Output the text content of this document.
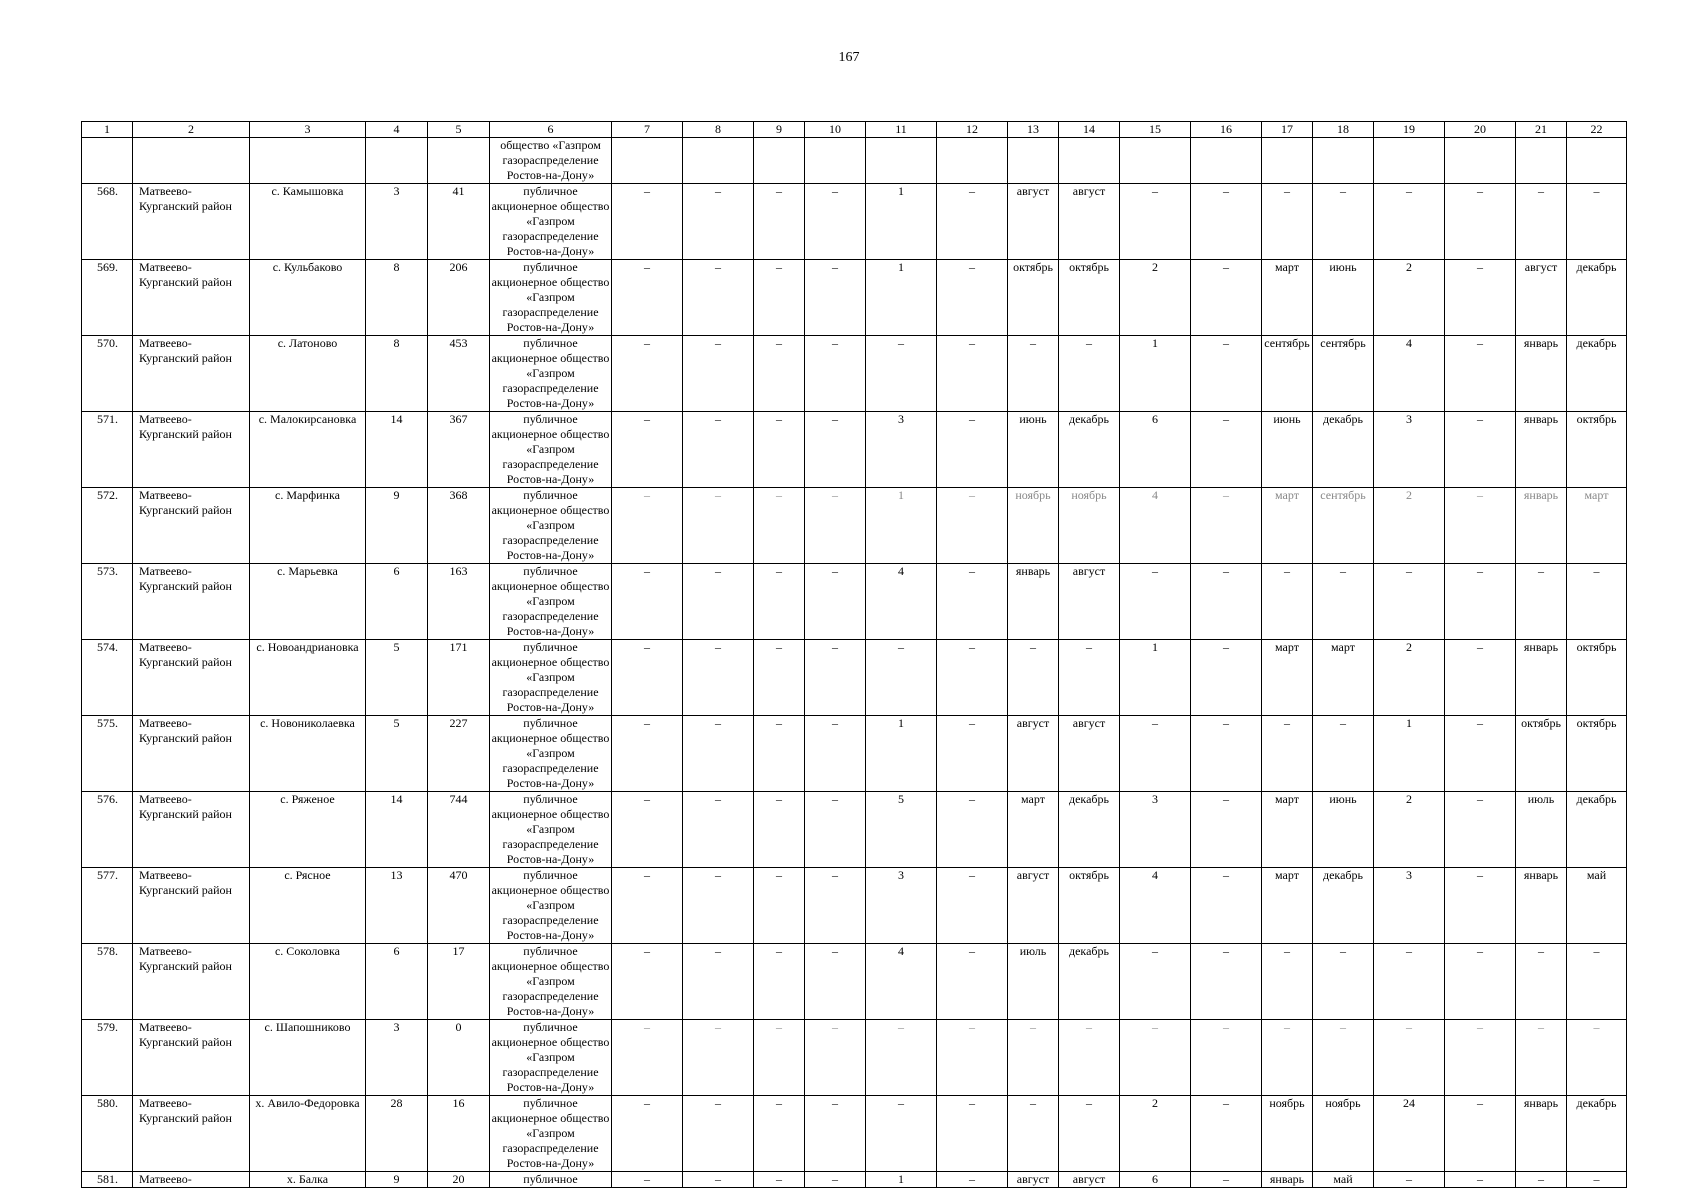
167
1	2	3	4	5	6	7	8	9	10	11	12	13	14	15	16	17	18	19	20	21	22
					общество «Газпром газораспределение Ростов-на-Дону»																
568.	Матвеево-Курганский район	с. Камышовка	3	41	публичное акционерное общество «Газпром газораспределение Ростов-на-Дону»	–	–	–	–	1	–	август	август	–	–	–	–	–	–	–	–
569.	Матвеево-Курганский район	с. Кульбаково	8	206	публичное акционерное общество «Газпром газораспределение Ростов-на-Дону»	–	–	–	–	1	–	октябрь	октябрь	2	–	март	июнь	2	–	август	декабрь
570.	Матвеево-Курганский район	с. Латоново	8	453	публичное акционерное общество «Газпром газораспределение Ростов-на-Дону»	–	–	–	–	–	–	–	–	1	–	сентябрь	сентябрь	4	–	январь	декабрь
571.	Матвеево-Курганский район	с. Малокирсановка	14	367	публичное акционерное общество «Газпром газораспределение Ростов-на-Дону»	–	–	–	–	3	–	июнь	декабрь	6	–	июнь	декабрь	3	–	январь	октябрь
572.	Матвеево-Курганский район	с. Марфинка	9	368	публичное акционерное общество «Газпром газораспределение Ростов-на-Дону»	–	–	–	–	1	–	ноябрь	ноябрь	4	–	март	сентябрь	2	–	январь	март
573.	Матвеево-Курганский район	с. Марьевка	6	163	публичное акционерное общество «Газпром газораспределение Ростов-на-Дону»	–	–	–	–	4	–	январь	август	–	–	–	–	–	–	–	–
574.	Матвеево-Курганский район	с. Новоандриановка	5	171	публичное акционерное общество «Газпром газораспределение Ростов-на-Дону»	–	–	–	–	–	–	–	–	1	–	март	март	2	–	январь	октябрь
575.	Матвеево-Курганский район	с. Новониколаевка	5	227	публичное акционерное общество «Газпром газораспределение Ростов-на-Дону»	–	–	–	–	1	–	август	август	–	–	–	–	1	–	октябрь	октябрь
576.	Матвеево-Курганский район	с. Ряженое	14	744	публичное акционерное общество «Газпром газораспределение Ростов-на-Дону»	–	–	–	–	5	–	март	декабрь	3	–	март	июнь	2	–	июль	декабрь
577.	Матвеево-Курганский район	с. Рясное	13	470	публичное акционерное общество «Газпром газораспределение Ростов-на-Дону»	–	–	–	–	3	–	август	октябрь	4	–	март	декабрь	3	–	январь	май
578.	Матвеево-Курганский район	с. Соколовка	6	17	публичное акционерное общество «Газпром газораспределение Ростов-на-Дону»	–	–	–	–	4	–	июль	декабрь	–	–	–	–	–	–	–	–
579.	Матвеево-Курганский район	с. Шапошниково	3	0	публичное акционерное общество «Газпром газораспределение Ростов-на-Дону»	–	–	–	–	–	–	–	–	–	–	–	–	–	–	–	–
580.	Матвеево-Курганский район	х. Авило-Федоровка	28	16	публичное акционерное общество «Газпром газораспределение Ростов-на-Дону»	–	–	–	–	–	–	–	–	2	–	ноябрь	ноябрь	24	–	январь	декабрь
581.	Матвеево-	х. Балка	9	20	публичное	–	–	–	–	1	–	август	август	6	–	январь	май	–	–	–	–
